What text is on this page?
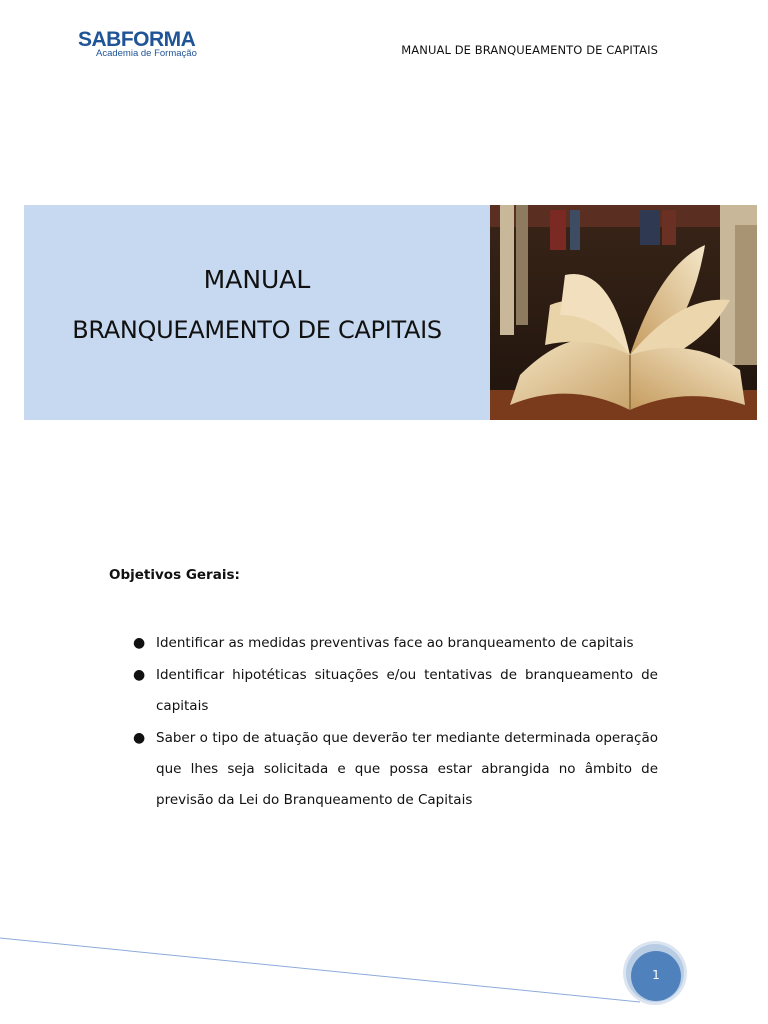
SABFORMA
Academia de Formação	MANUAL DE BRANQUEAMENTO DE CAPITAIS
MANUAL
BRANQUEAMENTO DE CAPITAIS
Objetivos Gerais:
● Identificar as medidas preventivas face ao branqueamento de capitais
● Identificar hipotéticas situações e/ou tentativas de branqueamento de capitais
● Saber o tipo de atuação que deverão ter mediante determinada operação que lhes seja solicitada e que possa estar abrangida no âmbito de previsão da Lei do Branqueamento de Capitais
1
